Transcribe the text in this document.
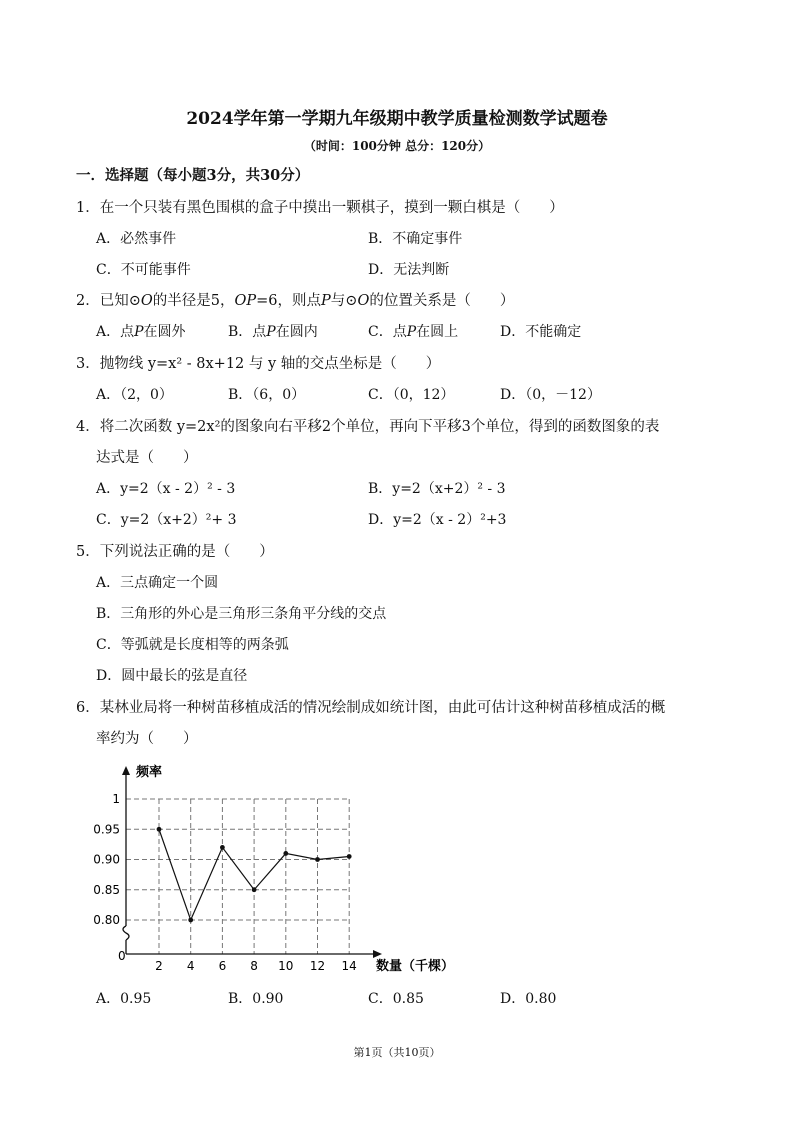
2024学年第一学期九年级期中教学质量检测数学试题卷
（时间：100分钟 总分：120分）
一．选择题（每小题3分，共30分）
1．在一个只装有黑色围棋的盒子中摸出一颗棋子，摸到一颗白棋是（　　）
A．必然事件	B．不确定事件
C．不可能事件	D．无法判断
2．已知⊙O的半径是5，OP=6，则点P与⊙O的位置关系是（　　）
A．点P在圆外	B．点P在圆内	C．点P在圆上	D．不能确定
3．抛物线 y=x² - 8x+12 与 y 轴的交点坐标是（　　）
A．（2，0）	B．（6，0）	C．（0，12）	D．（0，－12）
4．将二次函数 y=2x²的图象向右平移2个单位，再向下平移3个单位，得到的函数图象的表
达式是（　　）
A．y=2（x - 2）² - 3	B．y=2（x+2）² - 3
C．y=2（x+2）²+ 3	D．y=2（x - 2）²+3
5．下列说法正确的是（　　）
A．三点确定一个圆
B．三角形的外心是三角形三条角平分线的交点
C．等弧就是长度相等的两条弧
D．圆中最长的弦是直径
6．某林业局将一种树苗移植成活的情况绘制成如统计图，由此可估计这种树苗移植成活的概
率约为（　　）
1
0.95
0.90
0.85
0.80
2 4 6 8 10 12 14
频率
数量（千棵）
0
A．0.95	B．0.90	C．0.85	D．0.80
第1页（共10页）
